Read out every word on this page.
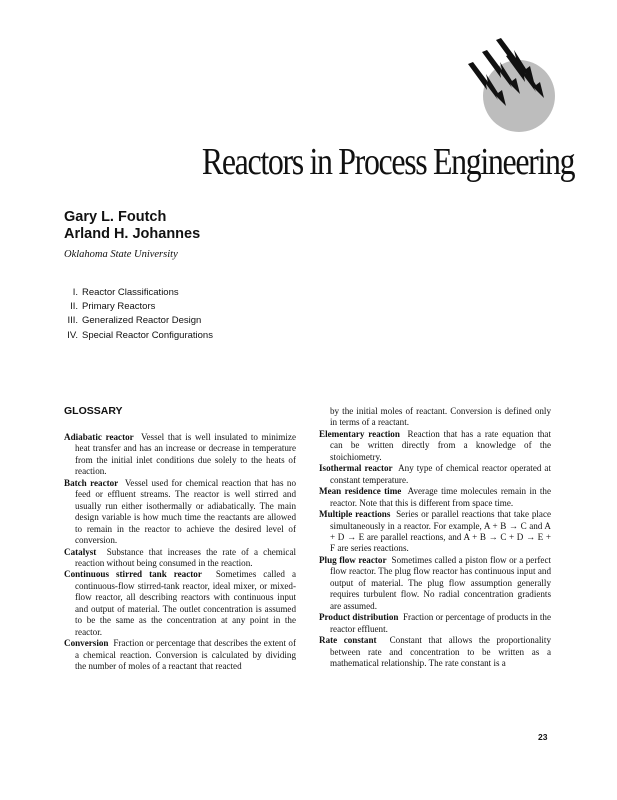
Reactors in Process Engineering

Gary L. Foutch

Arland H. Johannes

Oklahoma State University
I. Reactor Classifications
II. Primary Reactors
III. Generalized Reactor Design
IV. Special Reactor Configurations
GLOSSARY

Adiabatic reactor Vessel that is well insulated to minimize heat transfer and has an increase or decrease in temperature from the initial inlet conditions due solely to the heats of reaction.

Batch reactor Vessel used for chemical reaction that has no feed or effluent streams. The reactor is well stirred and usually run either isothermally or adiabatically. The main design variable is how much time the reactants are allowed to remain in the reactor to achieve the desired level of conversion.

Catalyst Substance that increases the rate of a chemical reaction without being consumed in the reaction.

Continuous stirred tank reactor Sometimes called a continuous-flow stirred-tank reactor, ideal mixer, or mixed-flow reactor, all describing reactors with continuous input and output of material. The outlet concentration is assumed to be the same as the concentration at any point in the reactor.

Conversion Fraction or percentage that describes the extent of a chemical reaction. Conversion is calculated by dividing the number of moles of a reactant that reacted

by the initial moles of reactant. Conversion is defined only in terms of a reactant.

Elementary reaction Reaction that has a rate equation that can be written directly from a knowledge of the stoichiometry.

Isothermal reactor Any type of chemical reactor operated at constant temperature.

Mean residence time Average time molecules remain in the reactor. Note that this is different from space time.

Multiple reactions Series or parallel reactions that take place simultaneously in a reactor. For example, A + B → C and A + D → E are parallel reactions, and A + B → C + D → E + F are series reactions.

Plug flow reactor Sometimes called a piston flow or a perfect flow reactor. The plug flow reactor has continuous input and output of material. The plug flow assumption generally requires turbulent flow. No radial concentration gradients are assumed.

Product distribution Fraction or percentage of products in the reactor effluent.

Rate constant Constant that allows the proportionality between rate and concentration to be written as a mathematical relationship. The rate constant is a

23
